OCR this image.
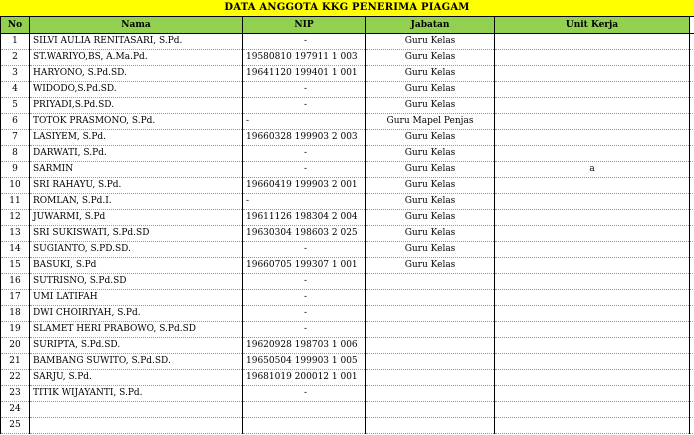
DATA ANGGOTA KKG PENERIMA PIAGAM
No	Nama	NIP	Jabatan	Unit Kerja	
1	SILVI AULIA RENITASARI, S.Pd.	-	Guru Kelas		
2	ST.WARIYO,BS, A.Ma.Pd.	19580810 197911 1 003	Guru Kelas		
3	HARYONO, S.Pd.SD.	19641120 199401 1 001	Guru Kelas		
4	WIDODO,S.Pd.SD.	-	Guru Kelas		
5	PRIYADI,S.Pd.SD.	-	Guru Kelas		
6	TOTOK PRASMONO, S.Pd.	-	Guru Mapel Penjas		
7	LASIYEM, S.Pd.	19660328 199903 2 003	Guru Kelas		
8	DARWATI, S.Pd.	-	Guru Kelas		
9	SARMIN	-	Guru Kelas	a	
10	SRI RAHAYU, S.Pd.	19660419 199903 2 001	Guru Kelas		
11	ROMLAN, S.Pd.I.	-	Guru Kelas		
12	JUWARMI, S.Pd	19611126 198304 2 004	Guru Kelas		
13	SRI SUKISWATI, S.Pd.SD	19630304 198603 2 025	Guru Kelas		
14	SUGIANTO, S.PD.SD.	-	Guru Kelas		
15	BASUKI, S.Pd	19660705 199307 1 001	Guru Kelas		
16	SUTRISNO, S.Pd.SD	-			
17	UMI LATIFAH	-			
18	DWI CHOIRIYAH, S.Pd.	-			
19	SLAMET HERI PRABOWO, S.Pd.SD	-			
20	SURIPTA, S.Pd.SD.	19620928 198703 1 006			
21	BAMBANG SUWITO, S.Pd.SD.	19650504 199903 1 005			
22	SARJU, S.Pd.	19681019 200012 1 001			
23	TITIK WIJAYANTI, S.Pd.	-			
24					
25					
